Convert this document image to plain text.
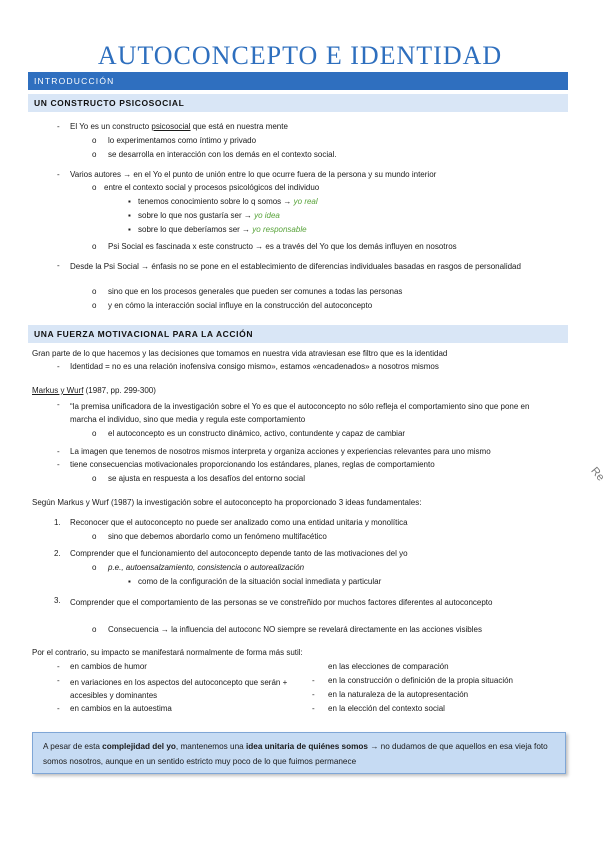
AUTOCONCEPTO E IDENTIDAD
INTRODUCCIÓN
UN CONSTRUCTO PSICOSOCIAL
- El Yo es un constructo psicosocial que está en nuestra mente
o lo experimentamos como íntimo y privado
o se desarrolla en interacción con los demás en el contexto social.
- Varios autores → en el Yo el punto de unión entre lo que ocurre fuera de la persona y su mundo interior
o entre el contexto social y procesos psicológicos del individuo
▪ tenemos conocimiento sobre lo q somos → yo real
▪ sobre lo que nos gustaría ser → yo idea
▪ sobre lo que deberíamos ser → yo responsable
o Psi Social es fascinada x este constructo → es a través del Yo que los demás influyen en nosotros
- Desde la Psi Social → énfasis no se pone en el establecimiento de diferencias individuales basadas en rasgos de personalidad
o sino que en los procesos generales que pueden ser comunes a todas las personas
o y en cómo la interacción social influye en la construcción del autoconcepto
UNA FUERZA MOTIVACIONAL PARA LA ACCIÓN
Gran parte de lo que hacemos y las decisiones que tomamos en nuestra vida atraviesan ese filtro que es la identidad
- Identidad = no es una relación inofensiva consigo mismo», estamos «encadenados» a nosotros mismos
Markus y Wurf (1987, pp. 299-300)
- “la premisa unificadora de la investigación sobre el Yo es que el autoconcepto no sólo refleja el comportamiento sino que pone en marcha el individuo, sino que media y regula este comportamiento
o el autoconcepto es un constructo dinámico, activo, contundente y capaz de cambiar
- La imagen que tenemos de nosotros mismos interpreta y organiza acciones y experiencias relevantes para uno mismo
- tiene consecuencias motivacionales proporcionando los estándares, planes, reglas de comportamiento
o se ajusta en respuesta a los desafíos del entorno social
Según Markus y Wurf (1987) la investigación sobre el autoconcepto ha proporcionado 3 ideas fundamentales:
1. Reconocer que el autoconcepto no puede ser analizado como una entidad unitaria y monolítica
o sino que debemos abordarlo como un fenómeno multifacético
2. Comprender que el funcionamiento del autoconcepto depende tanto de las motivaciones del yo
o p.e., autoensalzamiento, consistencia o autorealización
▪ como de la configuración de la situación social inmediata y particular
3. Comprender que el comportamiento de las personas se ve constreñido por muchos factores diferentes al autoconcepto
o Consecuencia → la influencia del autoconc NO siempre se revelará directamente en las acciones visibles
Por el contrario, su impacto se manifestará normalmente de forma más sutil:
- en cambios de humor
- en variaciones en los aspectos del autoconcepto que serán + accesibles y dominantes
- en cambios en la autoestima
en las elecciones de comparación
- en la construcción o definición de la propia situación
- en la naturaleza de la autopresentación
- en la elección del contexto social
A pesar de esta complejidad del yo, mantenemos una idea unitaria de quiénes somos → no dudamos de que aquellos en esa vieja foto somos nosotros, aunque en un sentido estricto muy poco de lo que fuimos permanece
Re
